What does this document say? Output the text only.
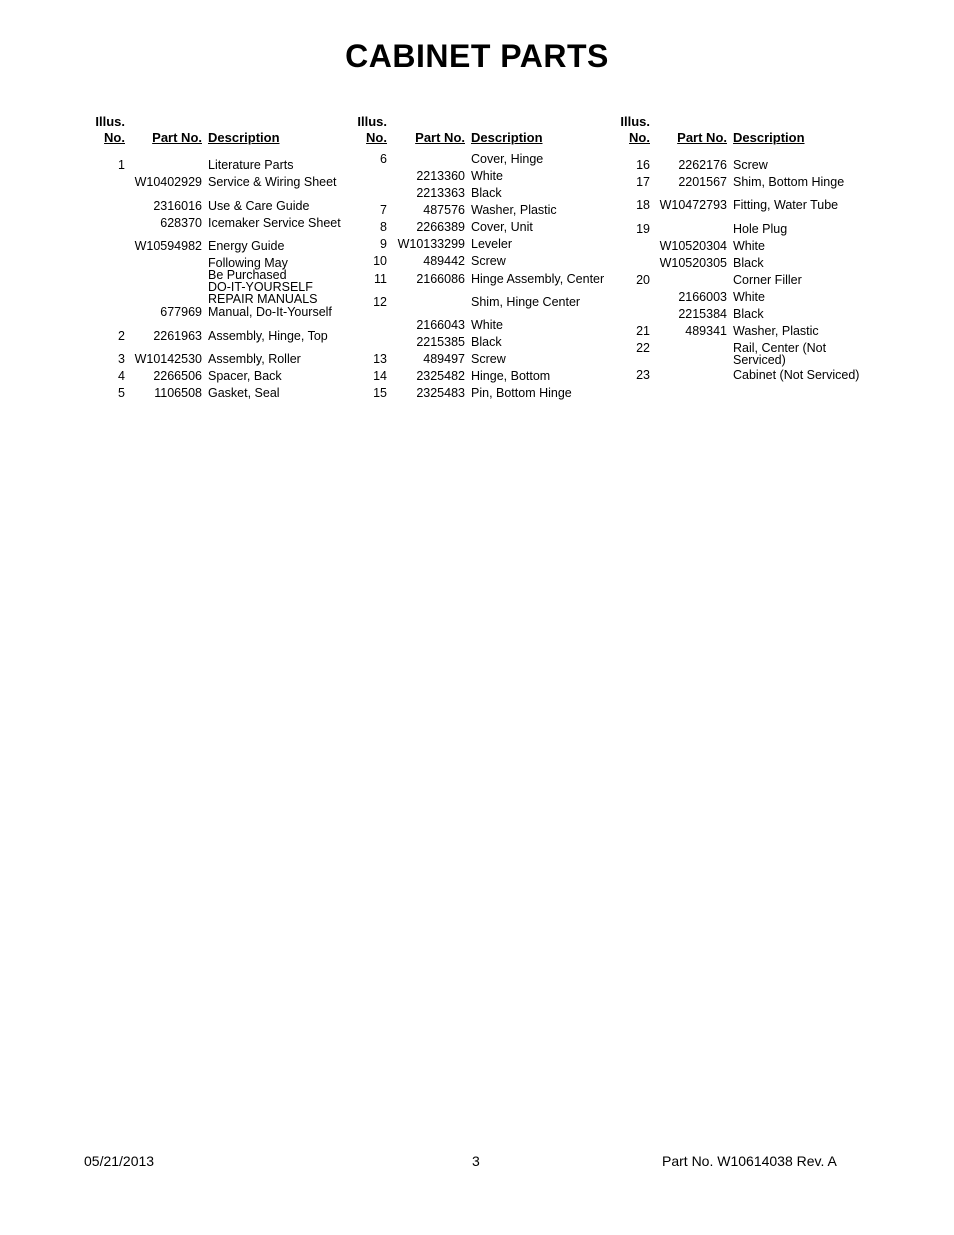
CABINET PARTS
Illus.
No.	Part No. Description
1	Literature Parts
W10402929 Service & Wiring Sheet
2316016 Use & Care Guide
628370 Icemaker Service Sheet
W10594982 Energy Guide
Following May
Be Purchased
DO-IT-YOURSELF
REPAIR MANUALS
677969 Manual, Do-It-Yourself
2	2261963 Assembly, Hinge, Top
3 W10142530 Assembly, Roller
4	2266506 Spacer, Back
5	1106508 Gasket, Seal
Illus.
No.	Part No. Description
6	Cover, Hinge
2213360 White
2213363 Black
7	487576 Washer, Plastic
8	2266389 Cover, Unit
9 W10133299 Leveler
10	489442 Screw
11	2166086 Hinge Assembly, Center
12	Shim, Hinge Center
2166043 White
2215385 Black
13	489497 Screw
14	2325482 Hinge, Bottom
15	2325483 Pin, Bottom Hinge
Illus.
No.	Part No. Description
16	2262176 Screw
17	2201567 Shim, Bottom Hinge
18 W10472793 Fitting, Water Tube
19	Hole Plug
W10520304 White
W10520305 Black
20	Corner Filler
2166003 White
2215384 Black
21	489341 Washer, Plastic
22	Rail, Center (Not
Serviced)
23	Cabinet (Not Serviced)
05/21/2013	3	Part No. W10614038 Rev. A
